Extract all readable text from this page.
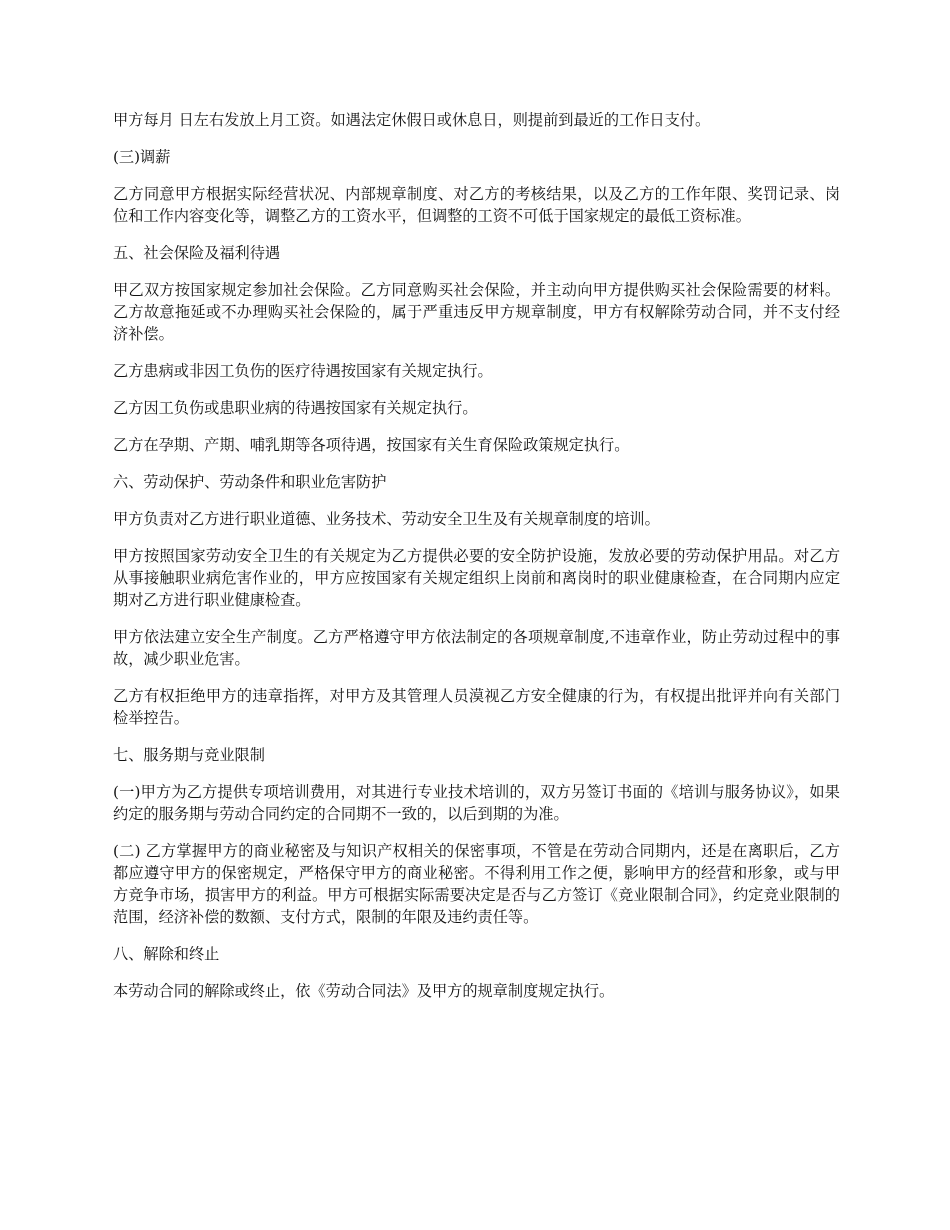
甲方每月 日左右发放上月工资。如遇法定休假日或休息日，则提前到最近的工作日支付。

(三)调薪

乙方同意甲方根据实际经营状况、内部规章制度、对乙方的考核结果，以及乙方的工作年限、奖罚记录、岗位和工作内容变化等，调整乙方的工资水平，但调整的工资不可低于国家规定的最低工资标准。

五、社会保险及福利待遇

甲乙双方按国家规定参加社会保险。乙方同意购买社会保险，并主动向甲方提供购买社会保险需要的材料。乙方故意拖延或不办理购买社会保险的，属于严重违反甲方规章制度，甲方有权解除劳动合同，并不支付经济补偿。

乙方患病或非因工负伤的医疗待遇按国家有关规定执行。

乙方因工负伤或患职业病的待遇按国家有关规定执行。

乙方在孕期、产期、哺乳期等各项待遇，按国家有关生育保险政策规定执行。

六、劳动保护、劳动条件和职业危害防护

甲方负责对乙方进行职业道德、业务技术、劳动安全卫生及有关规章制度的培训。

甲方按照国家劳动安全卫生的有关规定为乙方提供必要的安全防护设施，发放必要的劳动保护用品。对乙方从事接触职业病危害作业的，甲方应按国家有关规定组织上岗前和离岗时的职业健康检查，在合同期内应定期对乙方进行职业健康检查。

甲方依法建立安全生产制度。乙方严格遵守甲方依法制定的各项规章制度,不违章作业，防止劳动过程中的事故，减少职业危害。

乙方有权拒绝甲方的违章指挥，对甲方及其管理人员漠视乙方安全健康的行为，有权提出批评并向有关部门检举控告。

七、服务期与竞业限制

(一)甲方为乙方提供专项培训费用，对其进行专业技术培训的，双方另签订书面的《培训与服务协议》，如果约定的服务期与劳动合同约定的合同期不一致的，以后到期的为准。

(二) 乙方掌握甲方的商业秘密及与知识产权相关的保密事项，不管是在劳动合同期内，还是在离职后，乙方都应遵守甲方的保密规定，严格保守甲方的商业秘密。不得利用工作之便，影响甲方的经营和形象，或与甲方竞争市场，损害甲方的利益。甲方可根据实际需要决定是否与乙方签订《竞业限制合同》，约定竞业限制的范围，经济补偿的数额、支付方式，限制的年限及违约责任等。

八、解除和终止

本劳动合同的解除或终止，依《劳动合同法》及甲方的规章制度规定执行。
